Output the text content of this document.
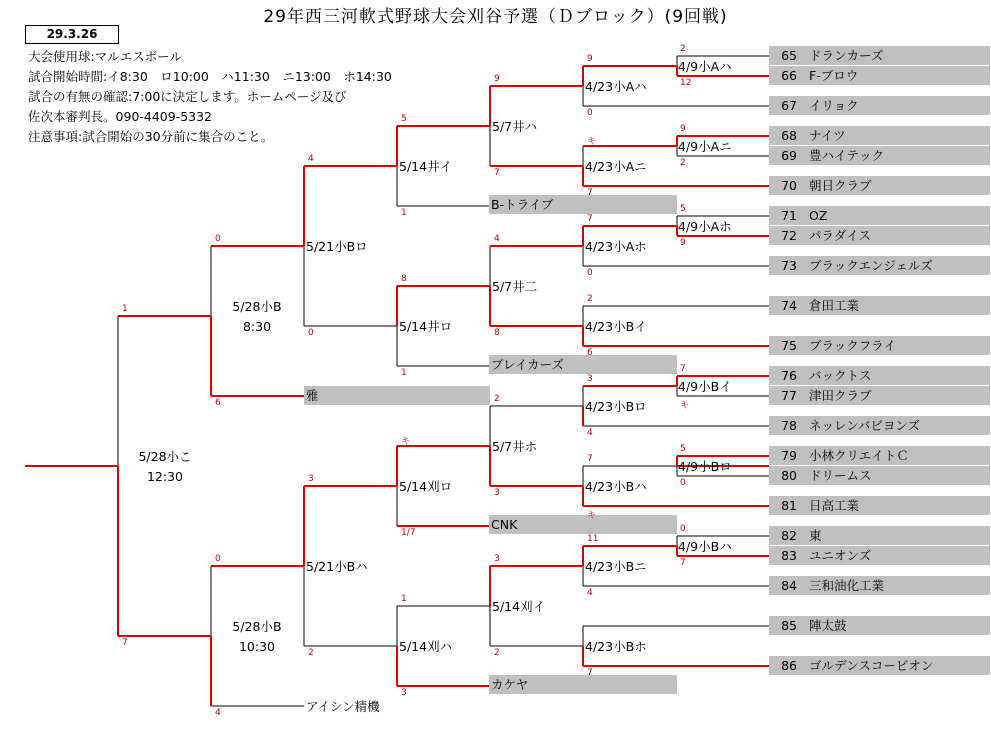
29年西三河軟式野球大会刈谷予選（Ｄブロック）(9回戦)
29.3.26
大会使用球:マルエスボール
試合開始時間:イ8:30　ロ10:00　ハ11:30　ニ13:00　ホ14:30
試合の有無の確認:7:00に決定します。ホームページ及び
佐次本審判長。090-4409-5332
注意事項:試合開始の30分前に集合のこと。
65 ドランカーズ
66 F-ブロウ
67 イリョク
68 ナイツ
69 豊ハイテック
70 朝日クラブ
71 OZ
72 パラダイス
73 ブラックエンジェルズ
74 倉田工業
75 ブラックフライ
76 バックトス
77 津田クラブ
78 ネッレンバビヨンズ
79 小林クリエイトＣ
80 ドリームス
81 日高工業
82 東
83 ユニオンズ
84 三和油化工業
85 陣太鼓
86 ゴルデンスコービオン
B-トライブ
ブレイカーズ
雅
CNK
カケヤ
アイシン精機
4/9小Aハ
4/9小Aニ
4/9小Aホ
4/9小Bイ
4/9小Bロ
4/9小Bハ
4/23小Aハ
4/23小Aニ
4/23小Aホ
4/23小Bイ
4/23小Bロ
4/23小Bハ
4/23小Bニ
4/23小Bホ
5/7井ハ
5/7井二
5/7井ホ
5/14刈イ
5/14井イ
5/14井ロ
5/14刈ロ
5/14刈ハ
5/21小Bロ
5/21小Bハ
5/28小B
8:30
5/28小B
10:30
5/28小こ
12:30
2
12
9
2
5
9
7
キ
5
0
0
7
9
0
キ
7
7
0
2
6
3
4
7
キ
11
4
7
9
7
4
8
2
3
3
2
5
1
8
1
キ
1/7
1
3
4
0
3
2
0
6
0
4
1
7
